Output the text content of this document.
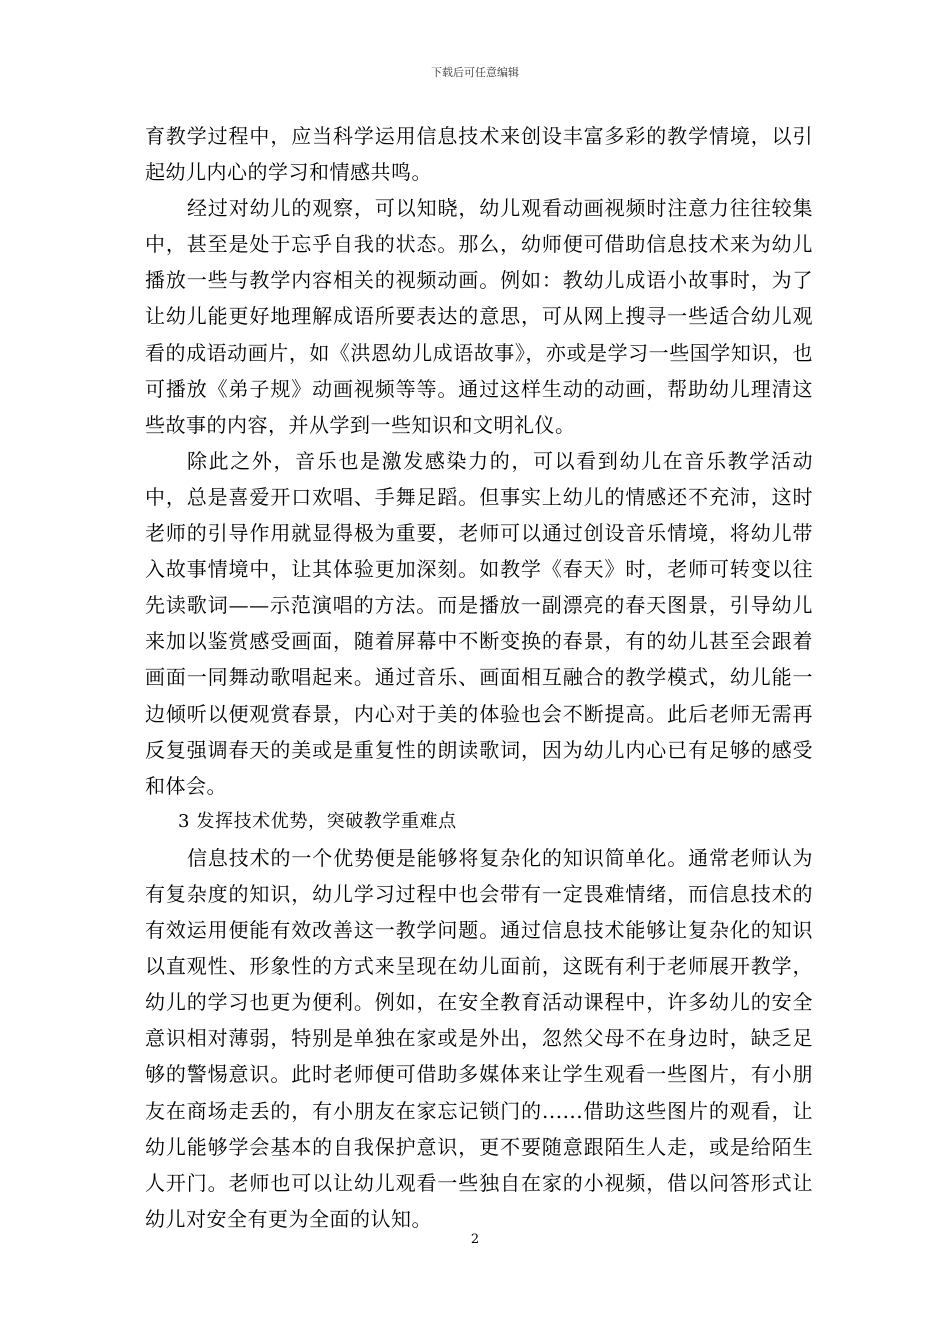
下载后可任意编辑

育教学过程中，应当科学运用信息技术来创设丰富多彩的教学情境，以引起幼儿内心的学习和情感共鸣。

经过对幼儿的观察，可以知晓，幼儿观看动画视频时注意力往往较集中，甚至是处于忘乎自我的状态。那么，幼师便可借助信息技术来为幼儿播放一些与教学内容相关的视频动画。例如：教幼儿成语小故事时，为了让幼儿能更好地理解成语所要表达的意思，可从网上搜寻一些适合幼儿观看的成语动画片，如《洪恩幼儿成语故事》，亦或是学习一些国学知识，也可播放《弟子规》动画视频等等。通过这样生动的动画，帮助幼儿理清这些故事的内容，并从学到一些知识和文明礼仪。

除此之外，音乐也是激发感染力的，可以看到幼儿在音乐教学活动中，总是喜爱开口欢唱、手舞足蹈。但事实上幼儿的情感还不充沛，这时老师的引导作用就显得极为重要，老师可以通过创设音乐情境，将幼儿带入故事情境中，让其体验更加深刻。如教学《春天》时，老师可转变以往先读歌词——示范演唱的方法。而是播放一副漂亮的春天图景，引导幼儿来加以鉴赏感受画面，随着屏幕中不断变换的春景，有的幼儿甚至会跟着画面一同舞动歌唱起来。通过音乐、画面相互融合的教学模式，幼儿能一边倾听以便观赏春景，内心对于美的体验也会不断提高。此后老师无需再反复强调春天的美或是重复性的朗读歌词，因为幼儿内心已有足够的感受和体会。

3 发挥技术优势，突破教学重难点

信息技术的一个优势便是能够将复杂化的知识简单化。通常老师认为有复杂度的知识，幼儿学习过程中也会带有一定畏难情绪，而信息技术的有效运用便能有效改善这一教学问题。通过信息技术能够让复杂化的知识以直观性、形象性的方式来呈现在幼儿面前，这既有利于老师展开教学，幼儿的学习也更为便利。例如，在安全教育活动课程中，许多幼儿的安全意识相对薄弱，特别是单独在家或是外出，忽然父母不在身边时，缺乏足够的警惕意识。此时老师便可借助多媒体来让学生观看一些图片，有小朋友在商场走丢的，有小朋友在家忘记锁门的......借助这些图片的观看，让幼儿能够学会基本的自我保护意识，更不要随意跟陌生人走，或是给陌生人开门。老师也可以让幼儿观看一些独自在家的小视频，借以问答形式让幼儿对安全有更为全面的认知。

2
